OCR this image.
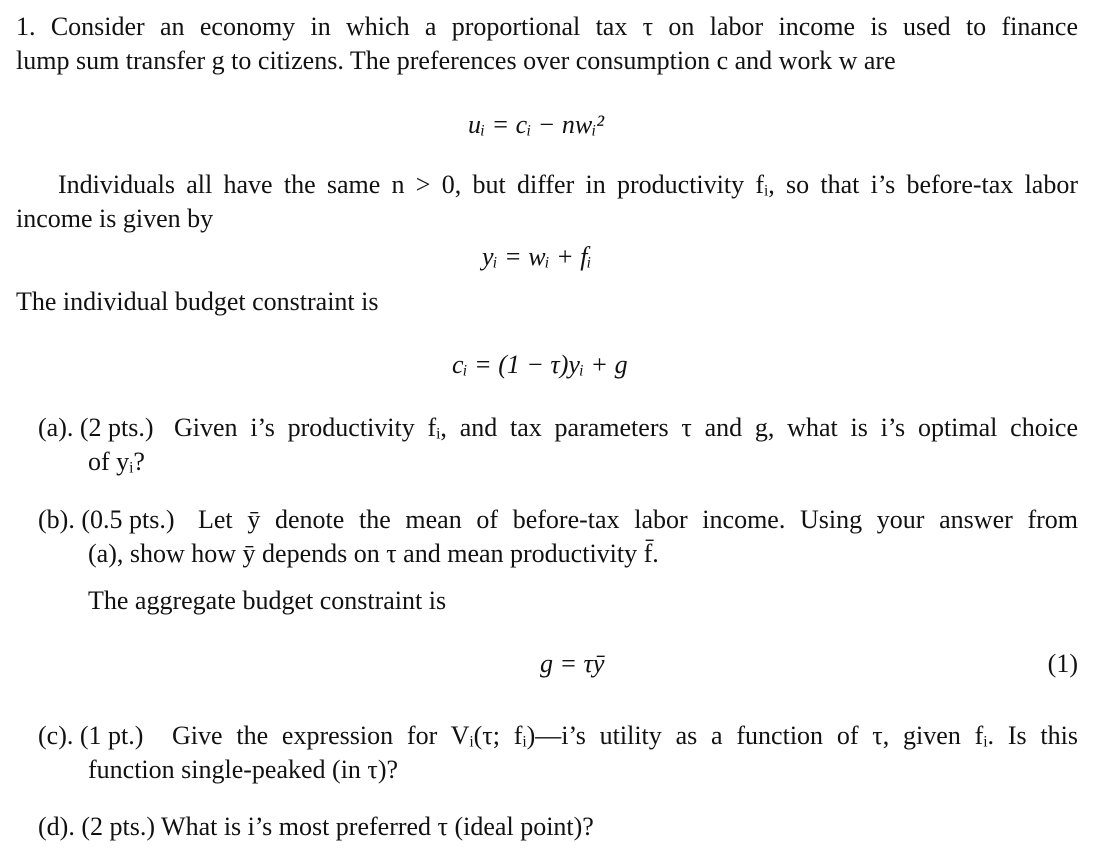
1. Consider an economy in which a proportional tax τ on labor income is used to finance
lump sum transfer g to citizens. The preferences over consumption c and work w are
uᵢ = cᵢ − nwᵢ²
Individuals all have the same n > 0, but differ in productivity fᵢ, so that i’s before-tax labor
income is given by
yᵢ = wᵢ + fᵢ
The individual budget constraint is
cᵢ = (1 − τ)yᵢ + g
(a). (2 pts.) Given i’s productivity fᵢ, and tax parameters τ and g, what is i’s optimal choice
of yᵢ?
(b). (0.5 pts.) Let ȳ denote the mean of before-tax labor income. Using your answer from
(a), show how ȳ depends on τ and mean productivity f̄.
The aggregate budget constraint is
g = τȳ	(1)
(c). (1 pt.) Give the expression for Vᵢ(τ; fᵢ)—i’s utility as a function of τ, given fᵢ. Is this
function single-peaked (in τ)?
(d). (2 pts.) What is i’s most preferred τ (ideal point)?
